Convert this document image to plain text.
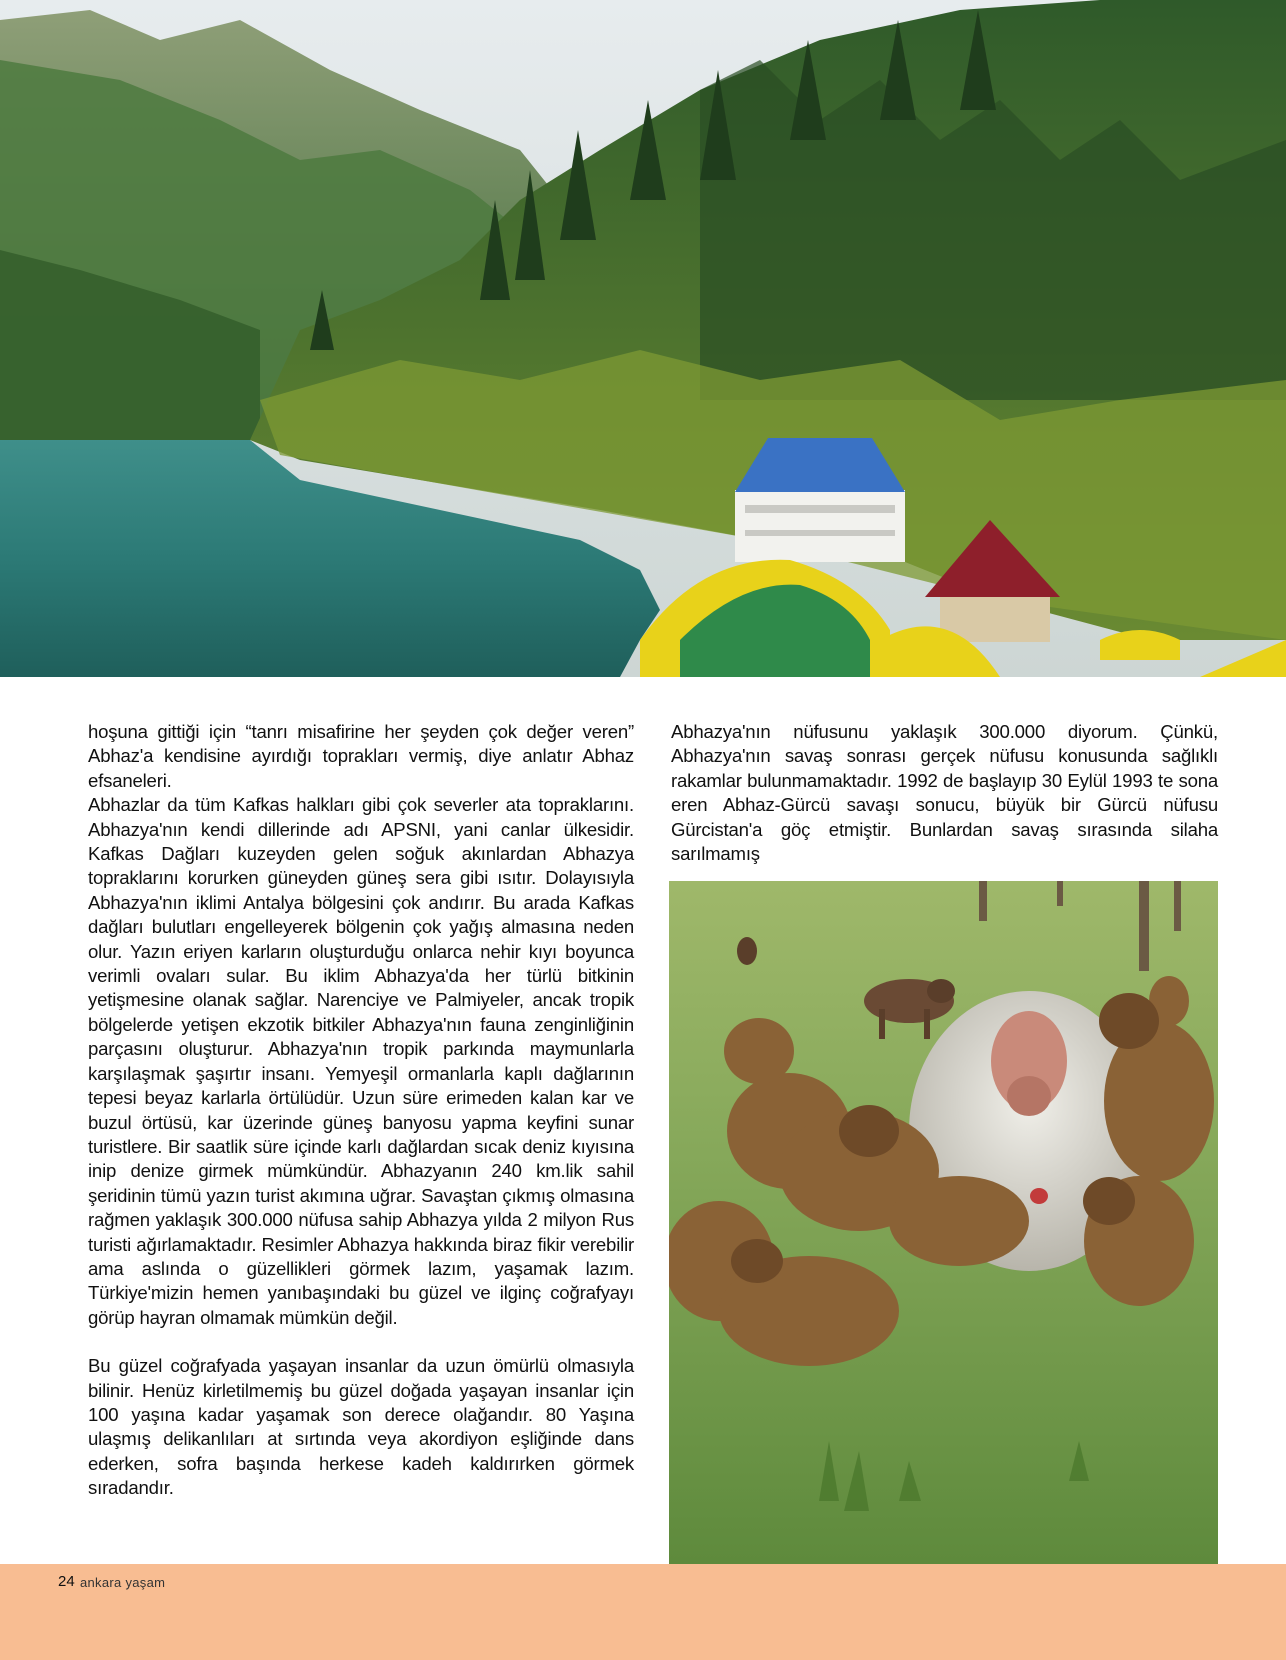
hoşuna gittiği için “tanrı misafirine her şeyden çok değer veren” Abhaz'a kendisine ayırdığı toprakları vermiş, diye anlatır Abhaz efsaneleri.

Abhazlar da tüm Kafkas halkları gibi çok severler ata topraklarını. Abhazya'nın kendi dillerinde adı APSNI, yani canlar ülkesidir. Kafkas Dağları kuzeyden gelen soğuk akınlardan Abhazya topraklarını korurken güneyden güneş sera gibi ısıtır. Dolayısıyla Abhazya'nın iklimi Antalya bölgesini çok andırır. Bu arada Kafkas dağları bulutları engelleyerek bölgenin çok yağış almasına neden olur. Yazın eriyen karların oluşturduğu onlarca nehir kıyı boyunca verimli ovaları sular. Bu iklim Abhazya'da her türlü bitkinin yetişmesine olanak sağlar. Narenciye ve Palmiyeler, ancak tropik bölgelerde yetişen ekzotik bitkiler Abhazya'nın fauna zenginliğinin parçasını oluşturur. Abhazya'nın tropik parkında maymunlarla karşılaşmak şaşırtır insanı. Yemyeşil ormanlarla kaplı dağlarının tepesi beyaz karlarla örtülüdür. Uzun süre erimeden kalan kar ve buzul örtüsü, kar üzerinde güneş banyosu yapma keyfini sunar turistlere. Bir saatlik süre içinde karlı dağlardan sıcak deniz kıyısına inip denize girmek mümkündür. Abhazyanın 240 km.lik sahil şeridinin tümü yazın turist akımına uğrar. Savaştan çıkmış olmasına rağmen yaklaşık 300.000 nüfusa sahip Abhazya yılda 2 milyon Rus turisti ağırlamaktadır. Resimler Abhazya hakkında biraz fikir verebilir ama aslında o güzellikleri görmek lazım, yaşamak lazım. Türkiye'mizin hemen yanıbaşındaki bu güzel ve ilginç coğrafyayı görüp hayran olmamak mümkün değil.

Bu güzel coğrafyada yaşayan insanlar da uzun ömürlü olmasıyla bilinir. Henüz kirletilmemiş bu güzel doğada yaşayan insanlar için 100 yaşına kadar yaşamak son derece olağandır. 80 Yaşına ulaşmış delikanlıları at sırtında veya akordiyon eşliğinde dans ederken, sofra başında herkese kadeh kaldırırken görmek sıradandır.

Abhazya'nın nüfusunu yaklaşık 300.000 diyorum. Çünkü, Abhazya'nın savaş sonrası gerçek nüfusu konusunda sağlıklı rakamlar bulunmamaktadır. 1992 de başlayıp 30 Eylül 1993 te sona eren Abhaz-Gürcü savaşı sonucu, büyük bir Gürcü nüfusu Gürcistan'a göç etmiştir. Bunlardan savaş sırasında silaha sarılmamış

24 ankara yaşam
